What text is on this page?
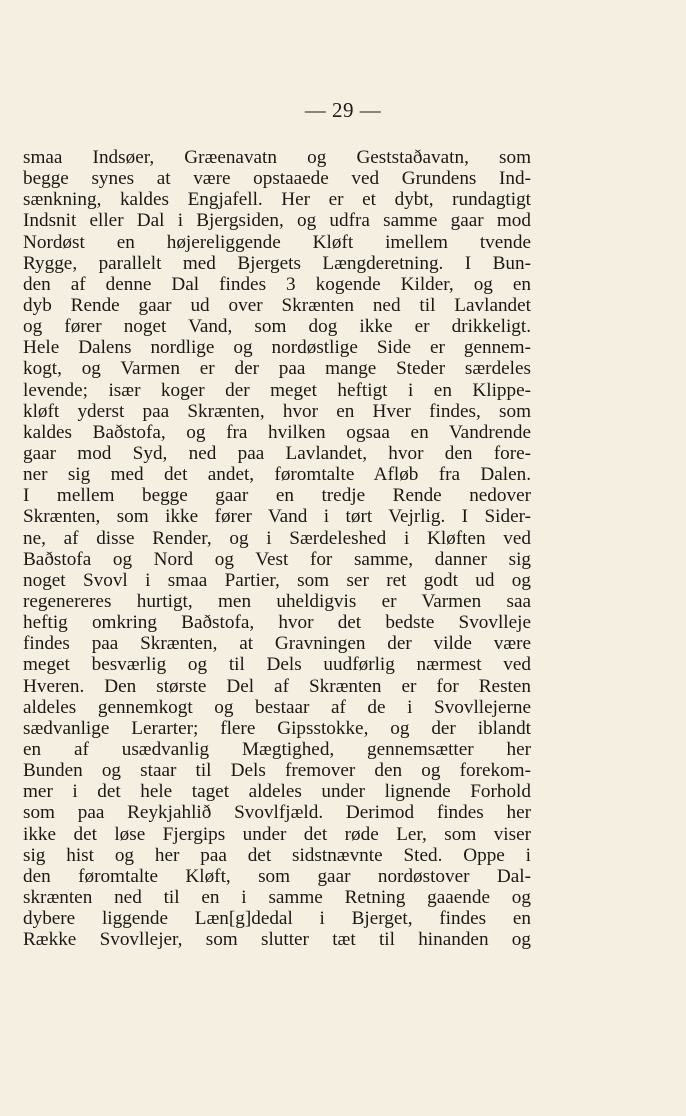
— 29 —
smaa Indsøer, Græenavatn og Geststaðavatn, som
begge synes at være opstaaede ved Grundens Ind-
sænkning, kaldes Engjafell. Her er et dybt, rundagtigt
Indsnit eller Dal i Bjergsiden, og udfra samme gaar mod
Nordøst en højereliggende Kløft imellem tvende
Rygge, parallelt med Bjergets Længderetning. I Bun-
den af denne Dal findes 3 kogende Kilder, og en
dyb Rende gaar ud over Skrænten ned til Lavlandet
og fører noget Vand, som dog ikke er drikkeligt.
Hele Dalens nordlige og nordøstlige Side er gennem-
kogt, og Varmen er der paa mange Steder særdeles
levende; især koger der meget heftigt i en Klippe-
kløft yderst paa Skrænten, hvor en Hver findes, som
kaldes Baðstofa, og fra hvilken ogsaa en Vandrende
gaar mod Syd, ned paa Lavlandet, hvor den fore-
ner sig med det andet, føromtalte Afløb fra Dalen.
I mellem begge gaar en tredje Rende nedover
Skrænten, som ikke fører Vand i tørt Vejrlig. I Sider-
ne, af disse Render, og i Særdeleshed i Kløften ved
Baðstofa og Nord og Vest for samme, danner sig
noget Svovl i smaa Partier, som ser ret godt ud og
regenereres hurtigt, men uheldigvis er Varmen saa
heftig omkring Baðstofa, hvor det bedste Svovlleje
findes paa Skrænten, at Gravningen der vilde være
meget besværlig og til Dels uudførlig nærmest ved
Hveren. Den største Del af Skrænten er for Resten
aldeles gennemkogt og bestaar af de i Svovllejerne
sædvanlige Lerarter; flere Gipsstokke, og der iblandt
en af usædvanlig Mægtighed, gennemsætter her
Bunden og staar til Dels fremover den og forekom-
mer i det hele taget aldeles under lignende Forhold
som paa Reykjahlið Svovlfjæld. Derimod findes her
ikke det løse Fjergips under det røde Ler, som viser
sig hist og her paa det sidstnævnte Sted. Oppe i
den føromtalte Kløft, som gaar nordøstover Dal-
skrænten ned til en i samme Retning gaaende og
dybere liggende Læn[g]dedal i Bjerget, findes en
Række Svovllejer, som slutter tæt til hinanden og
